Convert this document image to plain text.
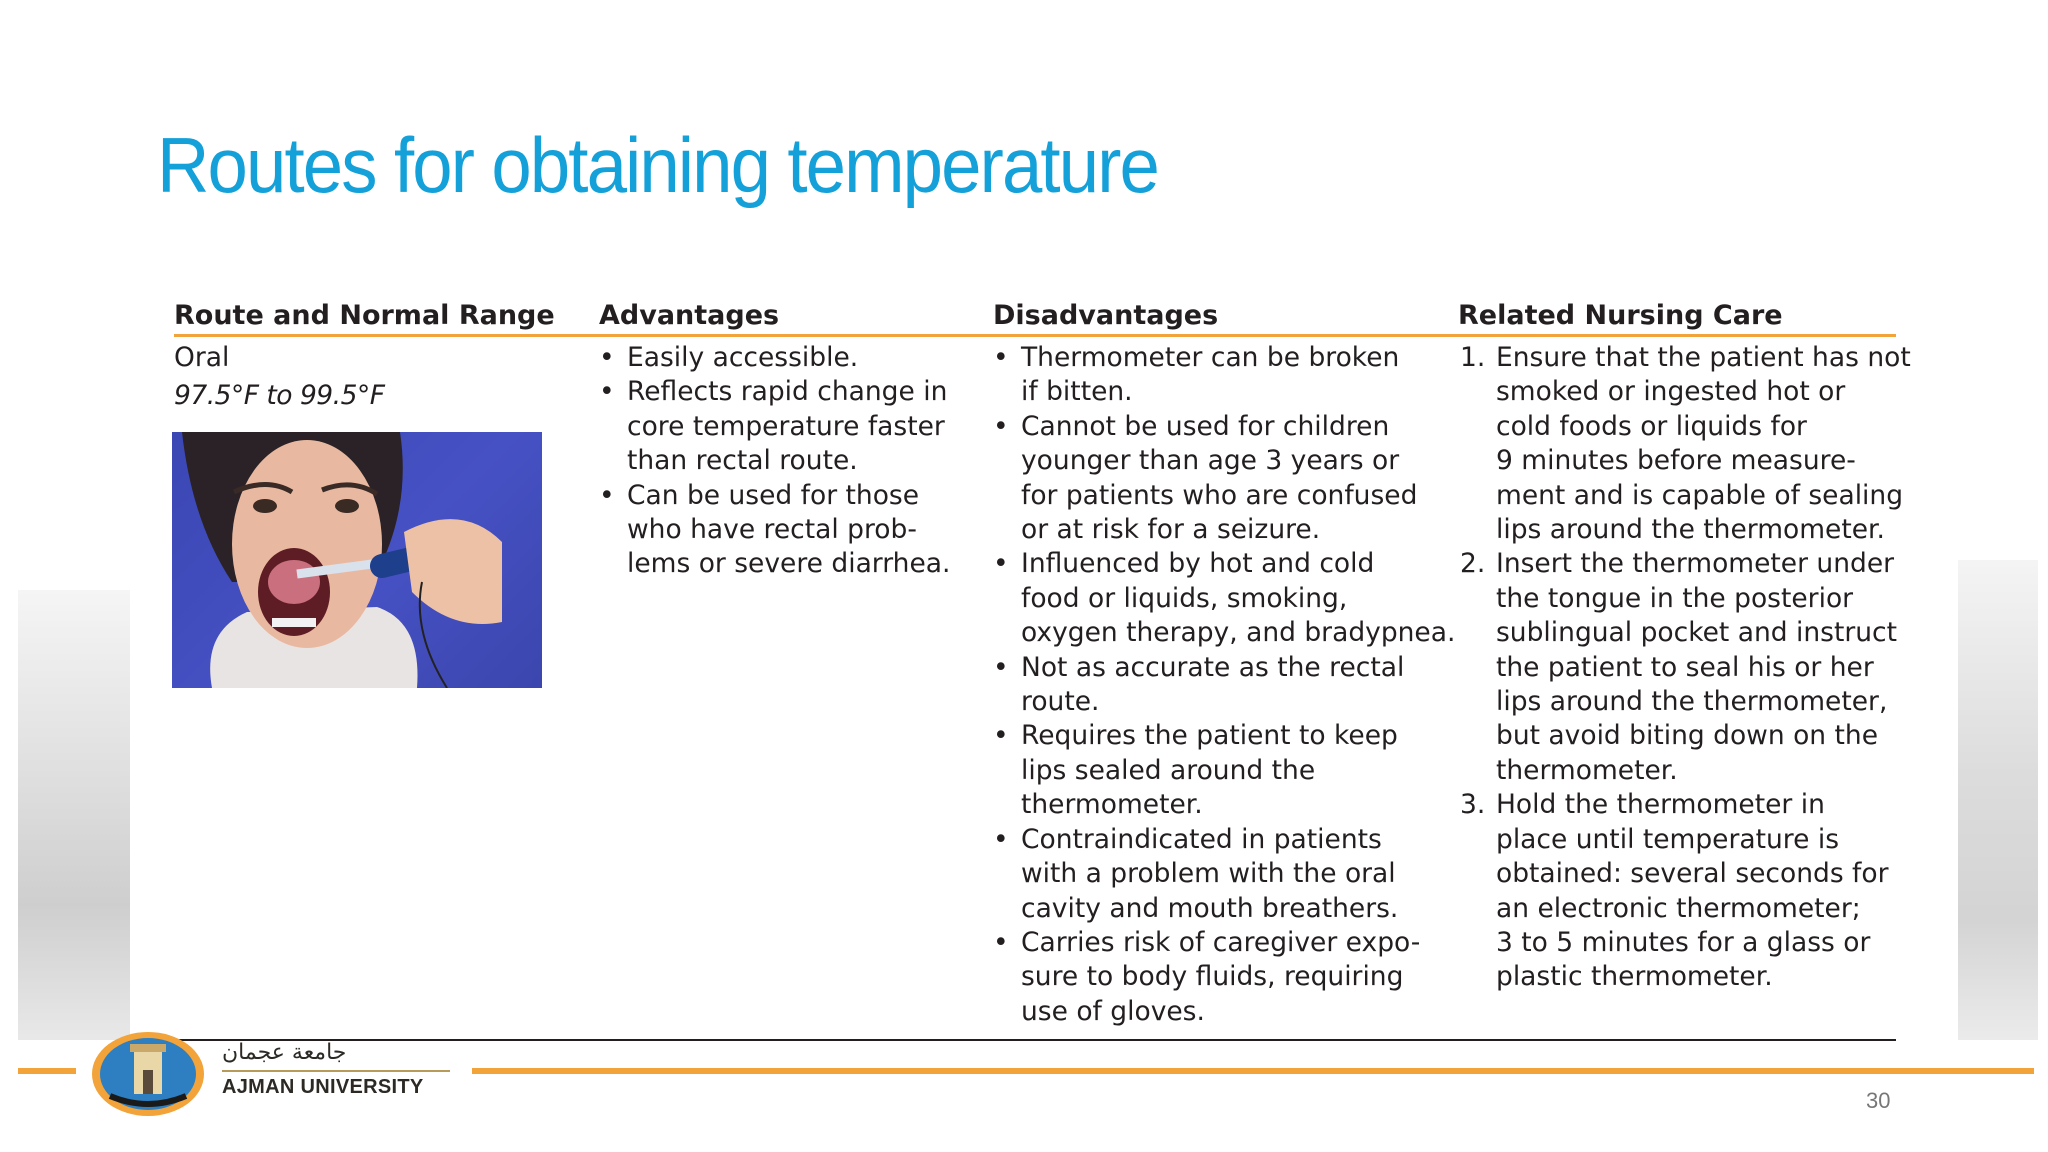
Routes for obtaining temperature
Route and Normal Range Advantages	Disadvantages	Related Nursing Care
Oral
97.5°F to 99.5°F
• Easily accessible.
• Reflects rapid change in
core temperature faster
than rectal route.
• Can be used for those
who have rectal prob-
lems or severe diarrhea.
• Thermometer can be broken
if bitten.
• Cannot be used for children
younger than age 3 years or
for patients who are confused
or at risk for a seizure.
• Influenced by hot and cold
food or liquids, smoking,
oxygen therapy, and bradypnea.
• Not as accurate as the rectal
route.
• Requires the patient to keep
lips sealed around the
thermometer.
• Contraindicated in patients
with a problem with the oral
cavity and mouth breathers.
• Carries risk of caregiver expo-
sure to body fluids, requiring
use of gloves.
1. Ensure that the patient has not
smoked or ingested hot or
cold foods or liquids for
9 minutes before measure-
ment and is capable of sealing
lips around the thermometer.
2. Insert the thermometer under
the tongue in the posterior
sublingual pocket and instruct
the patient to seal his or her
lips around the thermometer,
but avoid biting down on the
thermometer.
3. Hold the thermometer in
place until temperature is
obtained: several seconds for
an electronic thermometer;
3 to 5 minutes for a glass or
plastic thermometer.
جامعة عجمان
AJMAN UNIVERSITY
30
